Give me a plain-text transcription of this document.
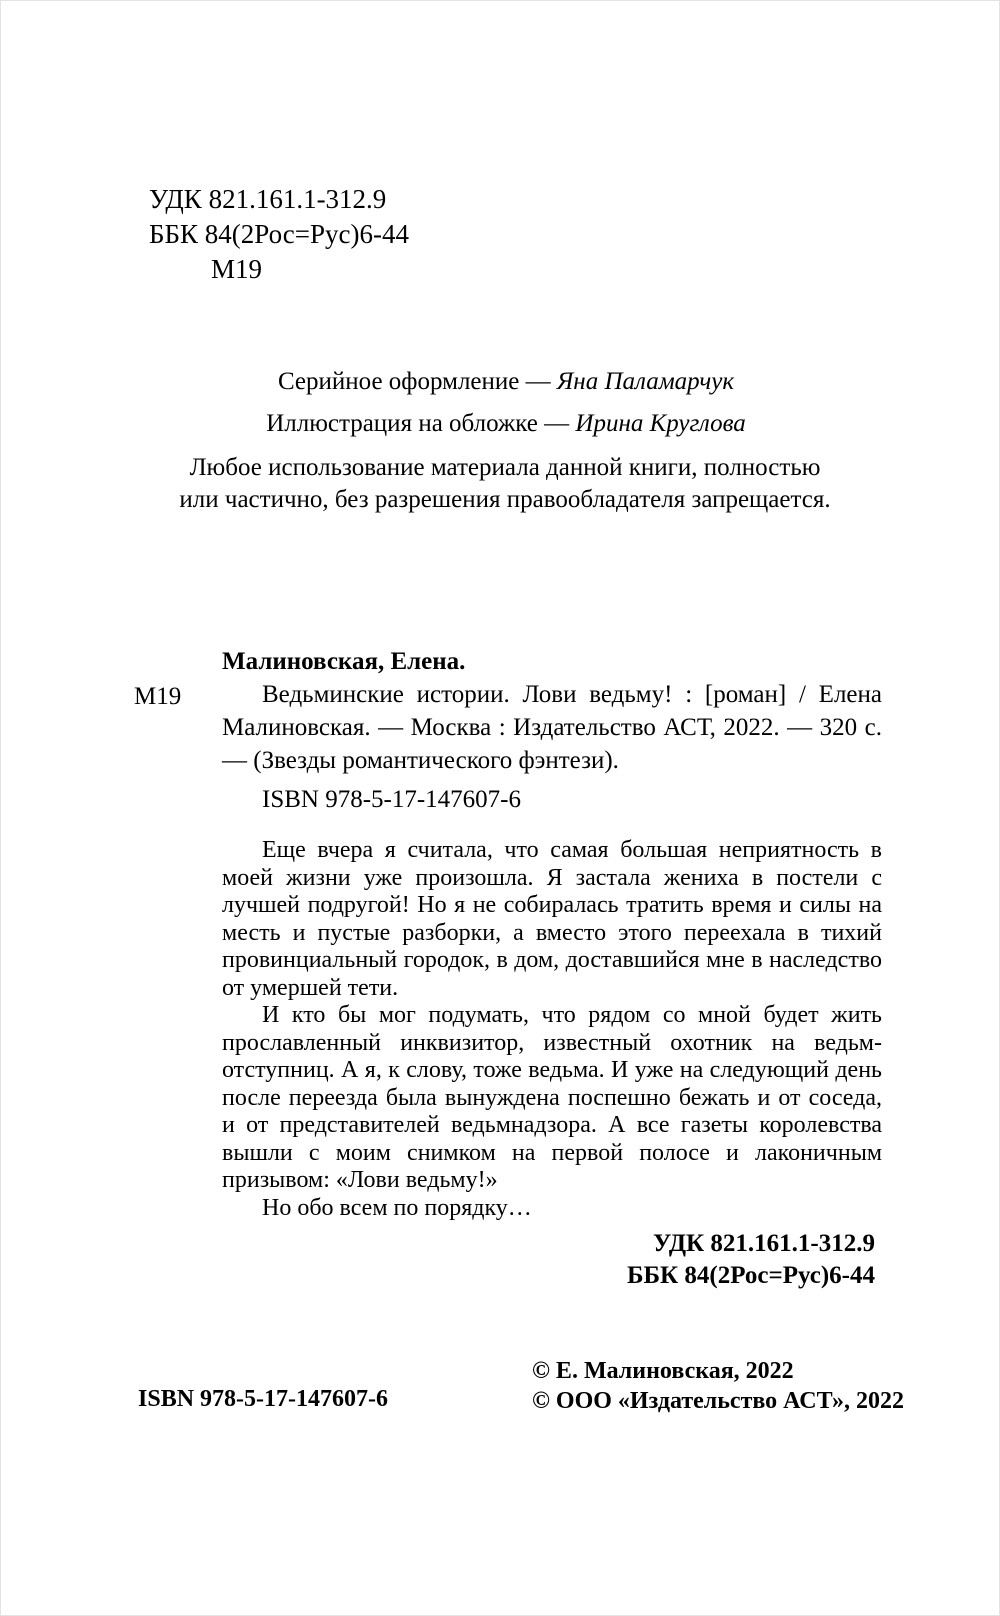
УДК 821.161.1-312.9
ББК 84(2Рос=Рус)6-44
М19
Серийное оформление — Яна Паламарчук
Иллюстрация на обложке — Ирина Круглова
Любое использование материала данной книги, полностью или частично, без разрешения правообладателя запрещается.
Малиновская, Елена.
М19	Ведьминские истории. Лови ведьму! : [роман] / Елена Малиновская. — Москва : Издательство АСТ, 2022. — 320 с. — (Звезды романтического фэнтези).

ISBN 978-5-17-147607-6

Еще вчера я считала, что самая большая неприятность в моей жизни уже произошла. Я застала жениха в постели с лучшей подругой! Но я не собиралась тратить время и силы на месть и пустые разборки, а вместо этого переехала в тихий провинциальный городок, в дом, доставшийся мне в наследство от умершей тети.

И кто бы мог подумать, что рядом со мной будет жить прославленный инквизитор, известный охотник на ведьм-отступниц. А я, к слову, тоже ведьма. И уже на следующий день после переезда была вынуждена поспешно бежать и от соседа, и от представителей ведьмнадзора. А все газеты королевства вышли с моим снимком на первой полосе и лаконичным призывом: «Лови ведьму!»

Но обо всем по порядку…

УДК 821.161.1-312.9
ББК 84(2Рос=Рус)6-44
ISBN 978-5-17-147607-6
© Е. Малиновская, 2022
© ООО «Издательство АСТ», 2022
